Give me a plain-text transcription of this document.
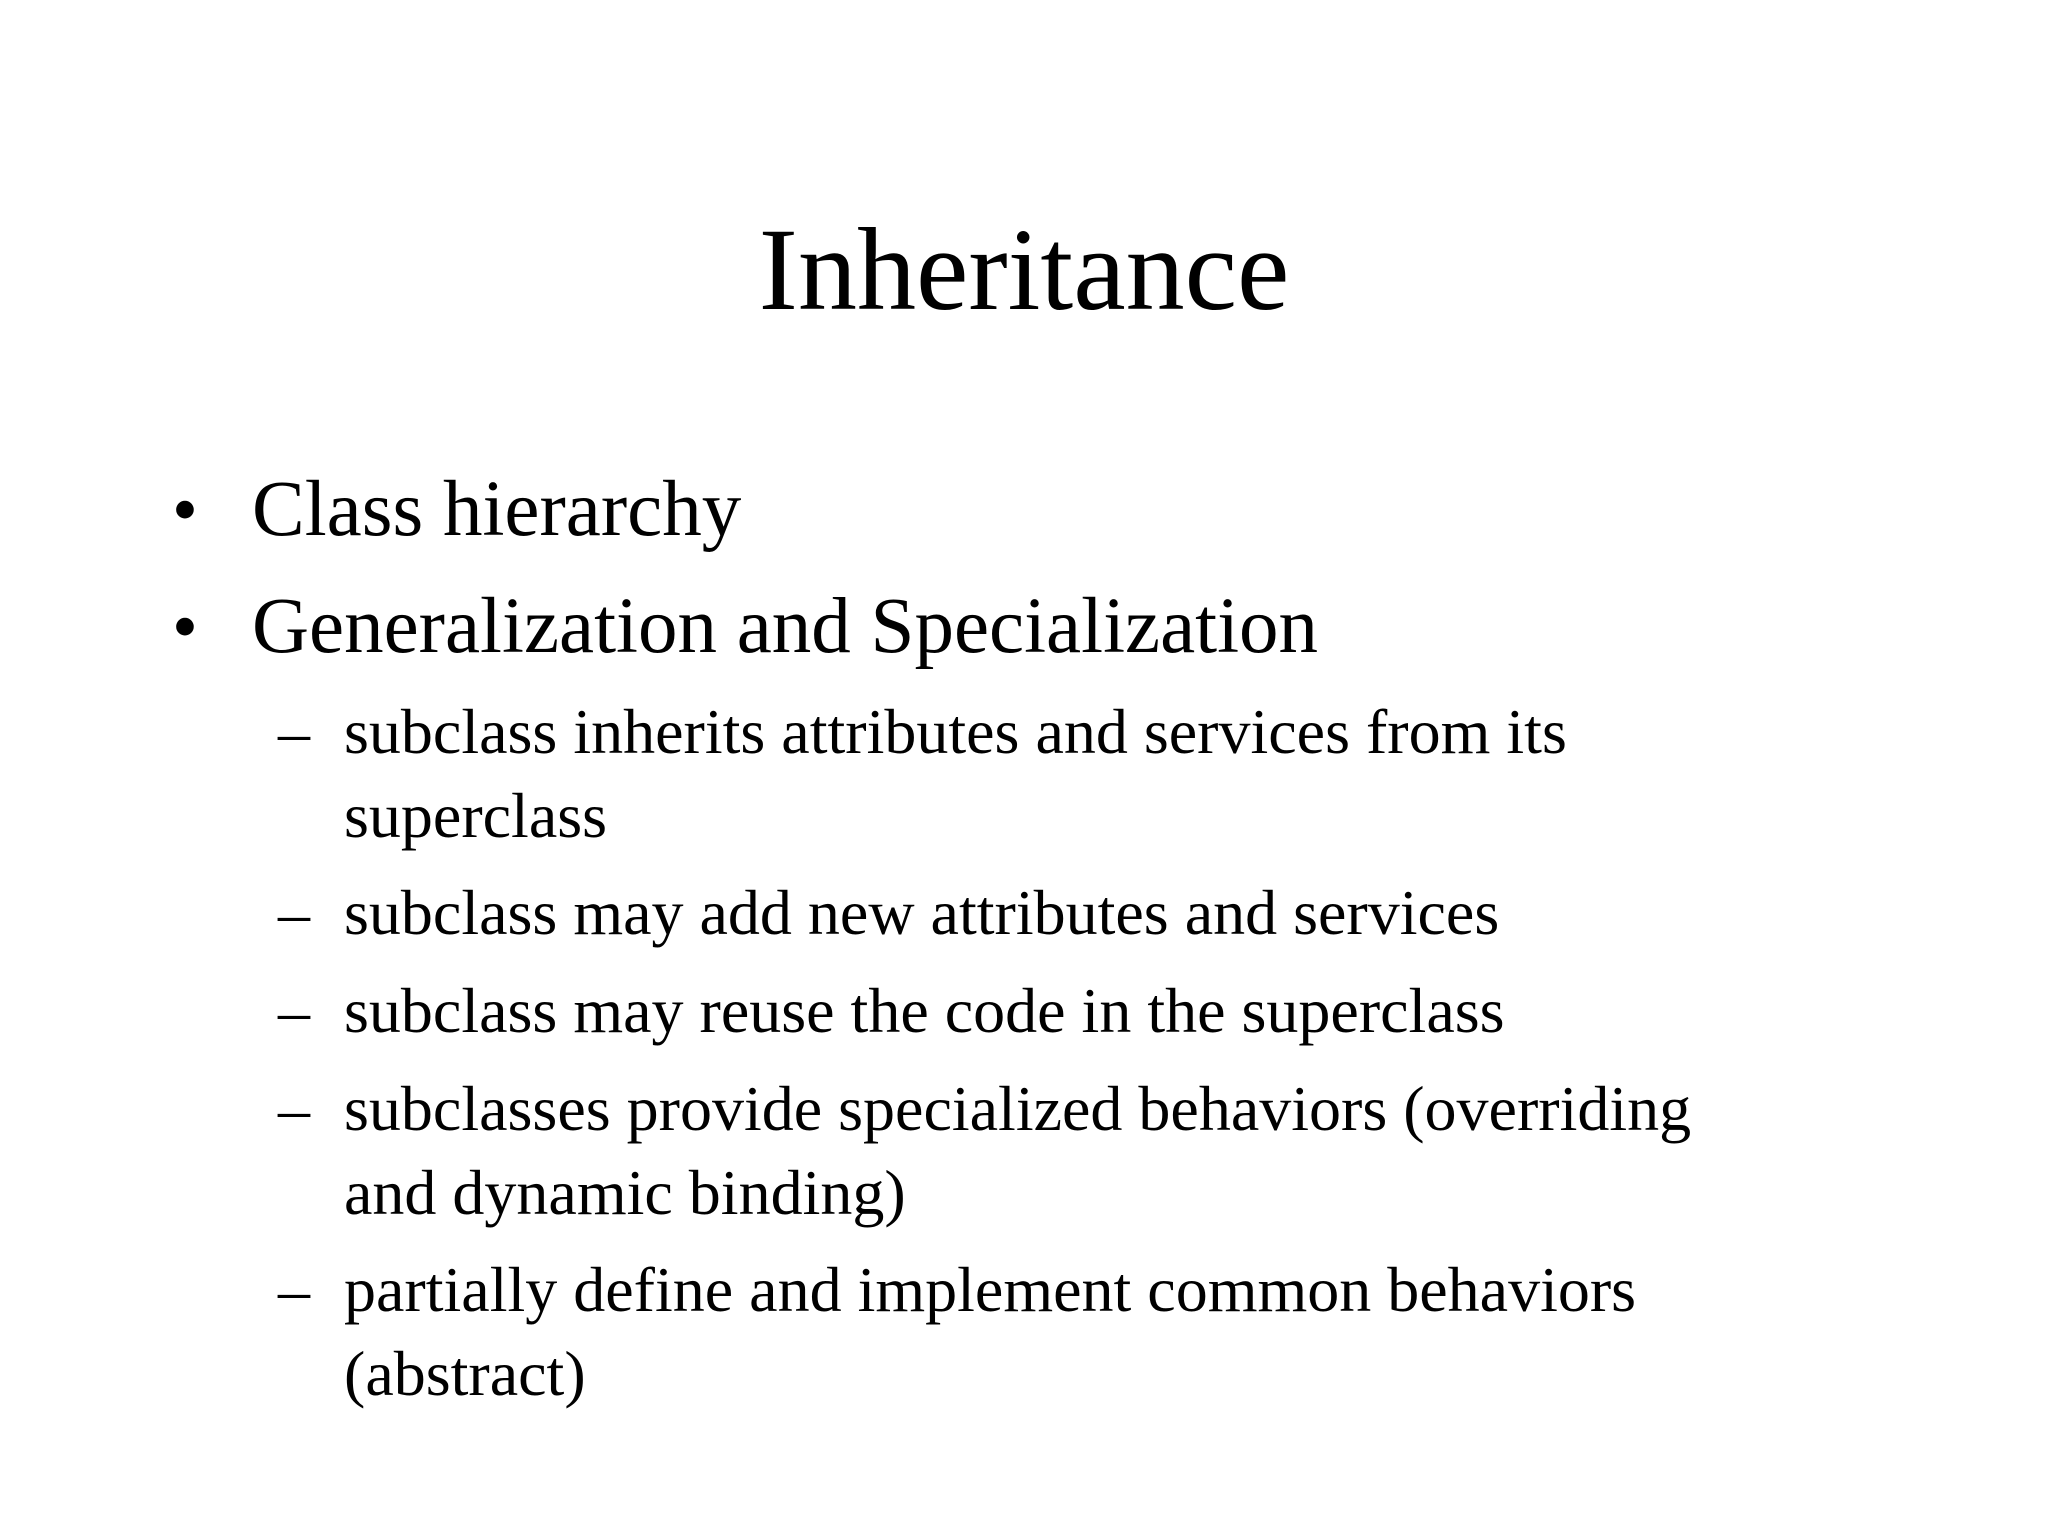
Inheritance
• Class hierarchy
• Generalization and Specialization
– subclass inherits attributes and services from its
superclass
– subclass may add new attributes and services
– subclass may reuse the code in the superclass
– subclasses provide specialized behaviors (overriding
and dynamic binding)
– partially define and implement common behaviors
(abstract)
